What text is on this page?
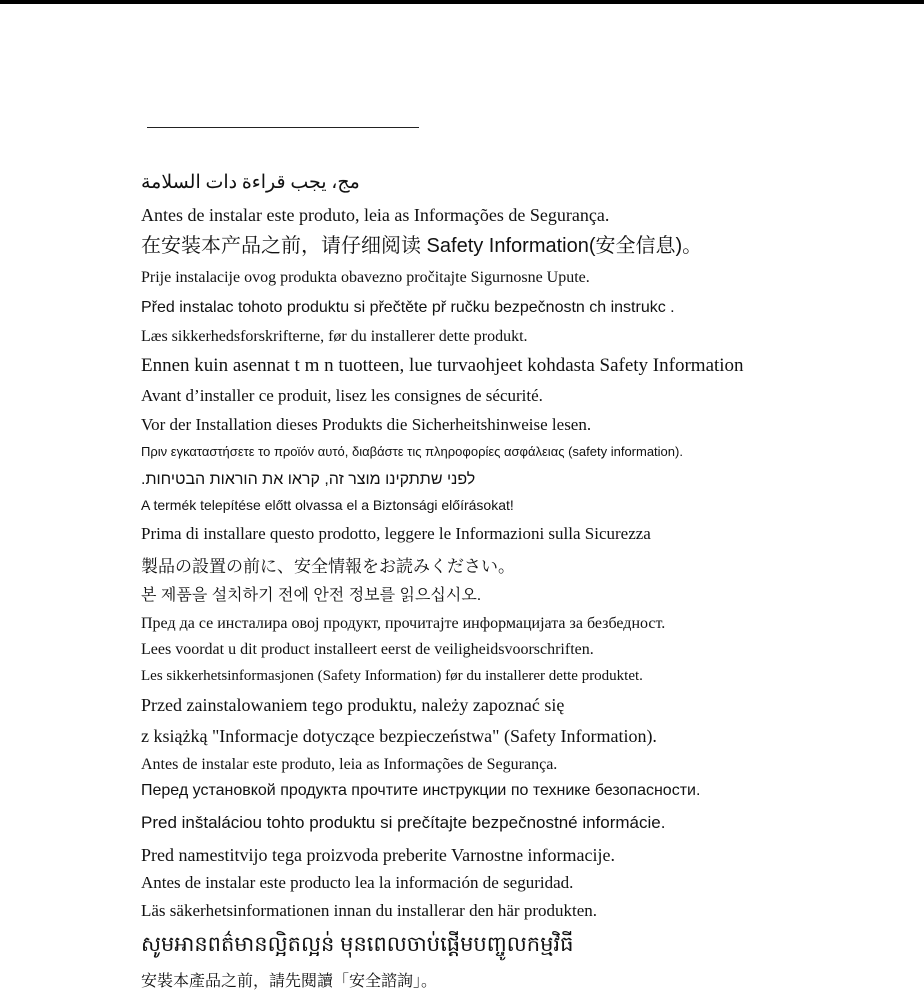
مج، يجب قراءة دات السلامة
Antes de instalar este produto, leia as Informações de Segurança.
在安装本产品之前，请仔细阅读 Safety Information(安全信息)。
Prije instalacije ovog produkta obavezno pročitajte Sigurnosne Upute.
Před instalac tohoto produktu si přečtěte př ručku bezpečnostn ch instrukc .
Læs sikkerhedsforskrifterne, før du installerer dette produkt.
Ennen kuin asennat t m n tuotteen, lue turvaohjeet kohdasta Safety Information
Avant d’installer ce produit, lisez les consignes de sécurité.
Vor der Installation dieses Produkts die Sicherheitshinweise lesen.
Πριν εγκαταστήσετε το προϊόν αυτό, διαβάστε τις πληροφορίες ασφάλειας (safety information).
לפני שתתקינו מוצר זה, קראו את הוראות הבטיחות.
A termék telepítése előtt olvassa el a Biztonsági előírásokat!
Prima di installare questo prodotto, leggere le Informazioni sulla Sicurezza
製品の設置の前に、安全情報をお読みください。
본 제품을 설치하기 전에 안전 정보를 읽으십시오.
Пред да се инсталира овој продукт, прочитајте информацијата за безбедност.
Lees voordat u dit product installeert eerst de veiligheidsvoorschriften.
Les sikkerhetsinformasjonen (Safety Information) før du installerer dette produktet.
Przed zainstalowaniem tego produktu, należy zapoznać się
z książką "Informacje dotyczące bezpieczeństwa" (Safety Information).
Antes de instalar este produto, leia as Informações de Segurança.
Перед установкой продукта прочтите инструкции по технике безопасности.
Pred inštaláciou tohto produktu si prečítajte bezpečnostné informácie.
Pred namestitvijo tega proizvoda preberite Varnostne informacije.
Antes de instalar este producto lea la información de seguridad.
Läs säkerhetsinformationen innan du installerar den här produkten.
សូមអានពត៌មានល្អិតល្អន់ មុនពេលចាប់ផ្តើមបញ្ចូលកម្មវិធី
安裝本產品之前，請先閱讀「安全諮詢」。
